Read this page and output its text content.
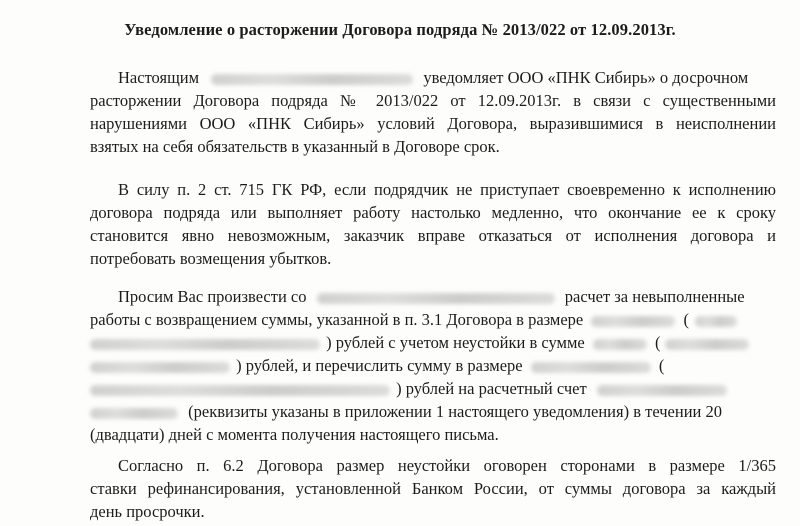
Уведомление о расторжении Договора подряда № 2013/022 от 12.09.2013г.
Настоящим	уведомляет ООО «ПНК Сибирь» о досрочном
расторжении Договора подряда № 2013/022 от 12.09.2013г. в связи с существенными
нарушениями ООО «ПНК Сибирь» условий Договора, выразившимися в неисполнении
взятых на себя обязательств в указанный в Договоре срок.
В силу п. 2 ст. 715 ГК РФ, если подрядчик не приступает своевременно к исполнению
договора подряда или выполняет работу настолько медленно, что окончание ее к сроку
становится явно невозможным, заказчик вправе отказаться от исполнения договора и
потребовать возмещения убытков.
Просим Вас произвести со	расчет за невыполненные
работы с возвращением суммы, указанной в п. 3.1 Договора в размере	(
) рублей с учетом неустойки в сумме	(
) рублей, и перечислить сумму в размере	(
) рублей на расчетный счет
(реквизиты указаны в приложении 1 настоящего уведомления) в течении 20
(двадцати) дней с момента получения настоящего письма.
Согласно п. 6.2 Договора размер неустойки оговорен сторонами в размере 1/365
ставки рефинансирования, установленной Банком России, от суммы договора за каждый
день просрочки.
